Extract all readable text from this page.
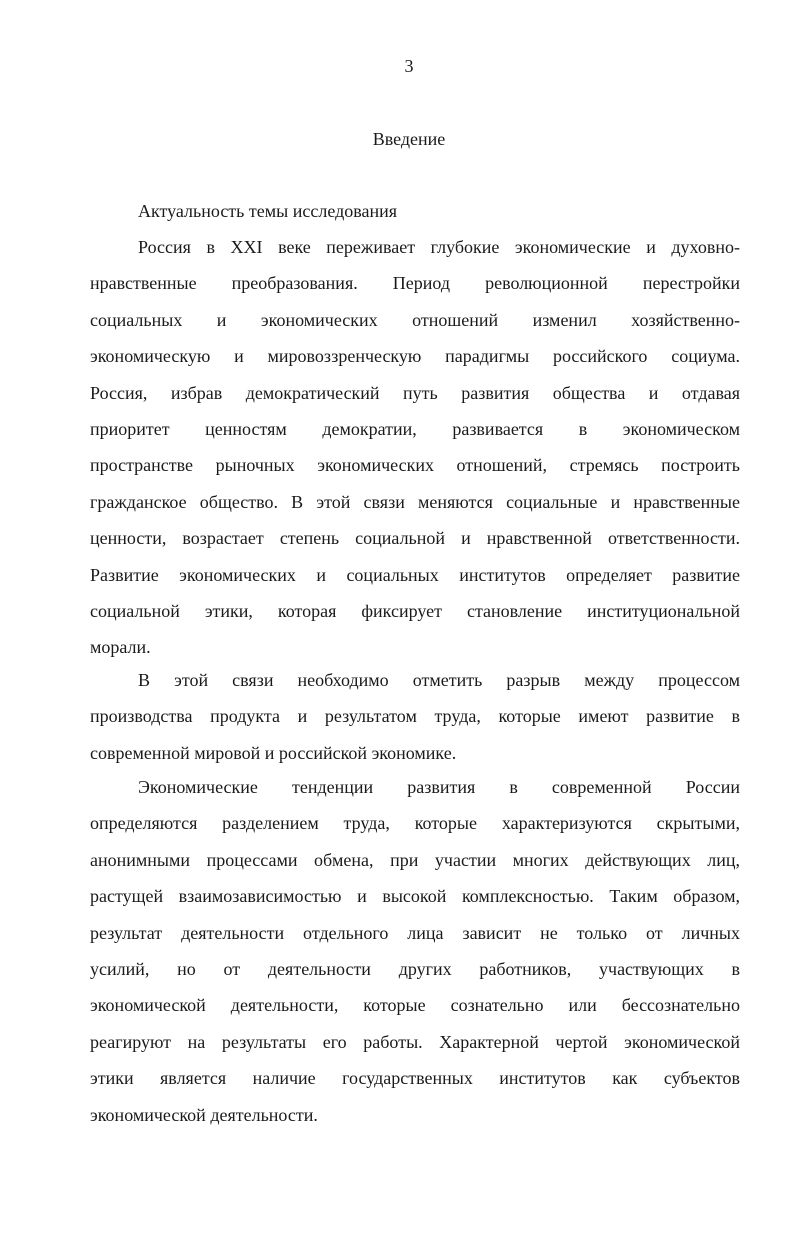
3
Введение
Актуальность темы исследования
Россия в XXI веке переживает глубокие экономические и духовно-
нравственные преобразования. Период революционной перестройки
социальных и экономических отношений изменил хозяйственно-
экономическую и мировоззренческую парадигмы российского социума.
Россия, избрав демократический путь развития общества и отдавая
приоритет ценностям демократии, развивается в экономическом
пространстве рыночных экономических отношений, стремясь построить
гражданское общество. В этой связи меняются социальные и нравственные
ценности, возрастает степень социальной и нравственной ответственности.
Развитие экономических и социальных институтов определяет развитие
социальной этики, которая фиксирует становление институциональной
морали.
В этой связи необходимо отметить разрыв между процессом
производства продукта и результатом труда, которые имеют развитие в
современной мировой и российской экономике.
Экономические тенденции развития в современной России
определяются разделением труда, которые характеризуются скрытыми,
анонимными процессами обмена, при участии многих действующих лиц,
растущей взаимозависимостью и высокой комплексностью. Таким образом,
результат деятельности отдельного лица зависит не только от личных
усилий, но от деятельности других работников, участвующих в
экономической деятельности, которые сознательно или бессознательно
реагируют на результаты его работы. Характерной чертой экономической
этики является наличие государственных институтов как субъектов
экономической деятельности.
